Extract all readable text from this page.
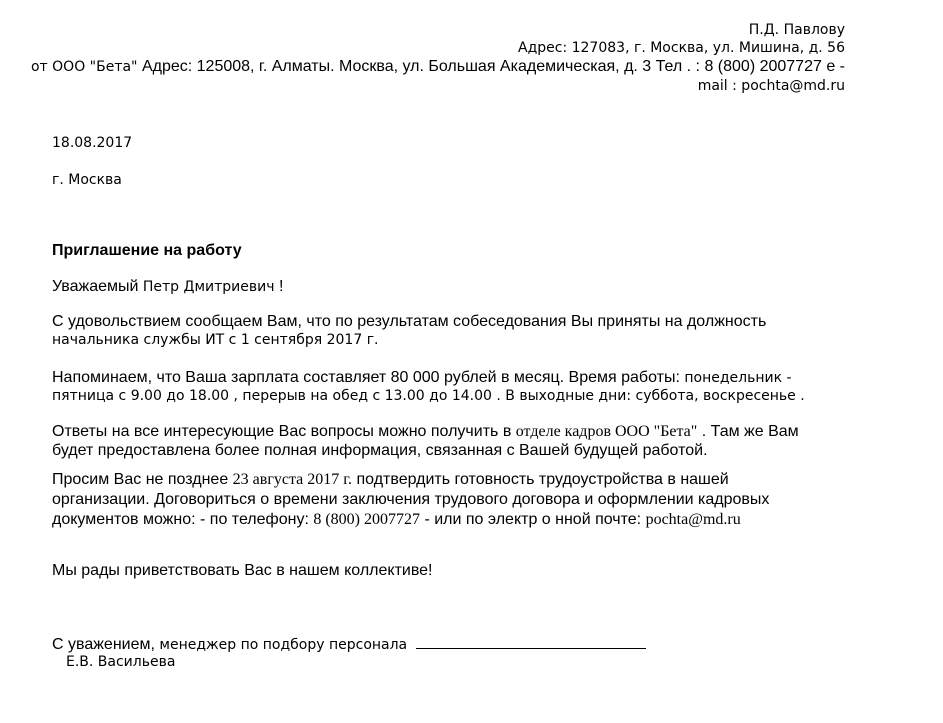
П.Д. Павлову
Адрес: 127083, г. Москва, ул. Мишина, д. 56
от ООО "Бета" Адрес: 125008, г. Алматы. Москва, ул. Большая Академическая, д. 3 Тел . : 8 (800) 2007727 е -
mail : pochta@md.ru
18.08.2017
г. Москва
Приглашение на работу
Уважаемый Петр Дмитриевич !
С удовольствием сообщаем Вам, что по результатам собеседования Вы приняты на должность
начальника службы ИТ с 1 сентября 2017 г.
Напоминаем, что Ваша зарплата составляет 80 000 рублей в месяц. Время работы: понедельник -
пятница с 9.00 до 18.00 , перерыв на обед с 13.00 до 14.00 . В выходные дни: суббота, воскресенье .
Ответы на все интересующие Вас вопросы можно получить в отделе кадров ООО "Бета" . Там же Вам
будет предоставлена более полная информация, связанная с Вашей будущей работой.
Просим Вас не позднее 23 августа 2017 г. подтвердить готовность трудоустройства в нашей
организации. Договориться о времени заключения трудового договора и оформлении кадровых
документов можно: - по телефону: 8 (800) 2007727 - или по электр о нной почте: pochta@md.ru
Мы рады приветствовать Вас в нашем коллективе!
С уважением, менеджер по подбору персонала
Е.В. Васильева
